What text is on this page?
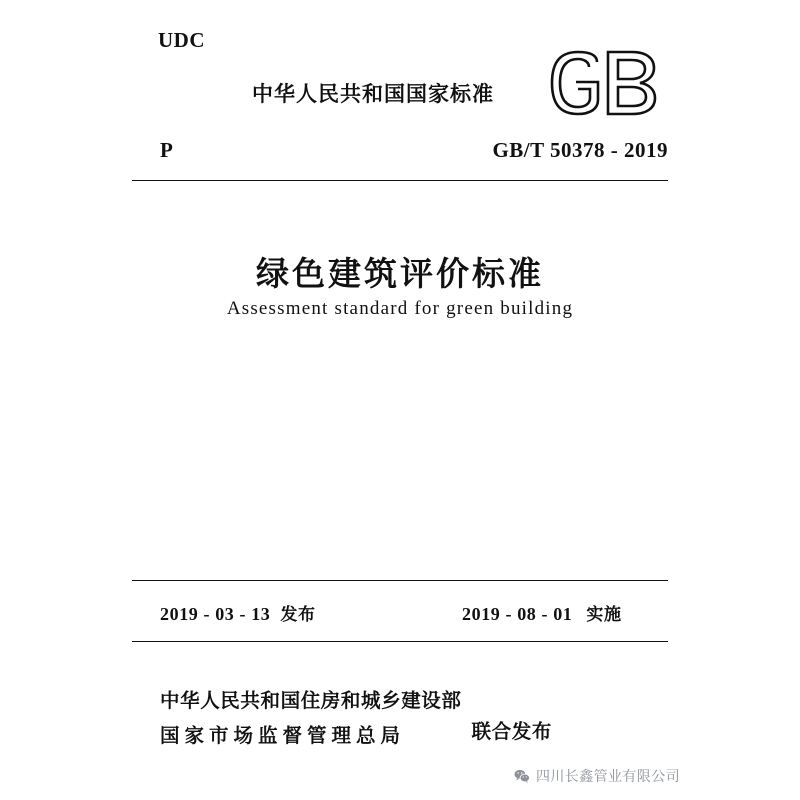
UDC
中华人民共和国国家标准
P	GB/T 50378 - 2019
绿色建筑评价标准
Assessment standard for green building
2019 - 03 - 13 发布	2019 - 08 - 01 实施
中华人民共和国住房和城乡建设部
国家市场监督管理总局	联合发布
四川长鑫管业有限公司
